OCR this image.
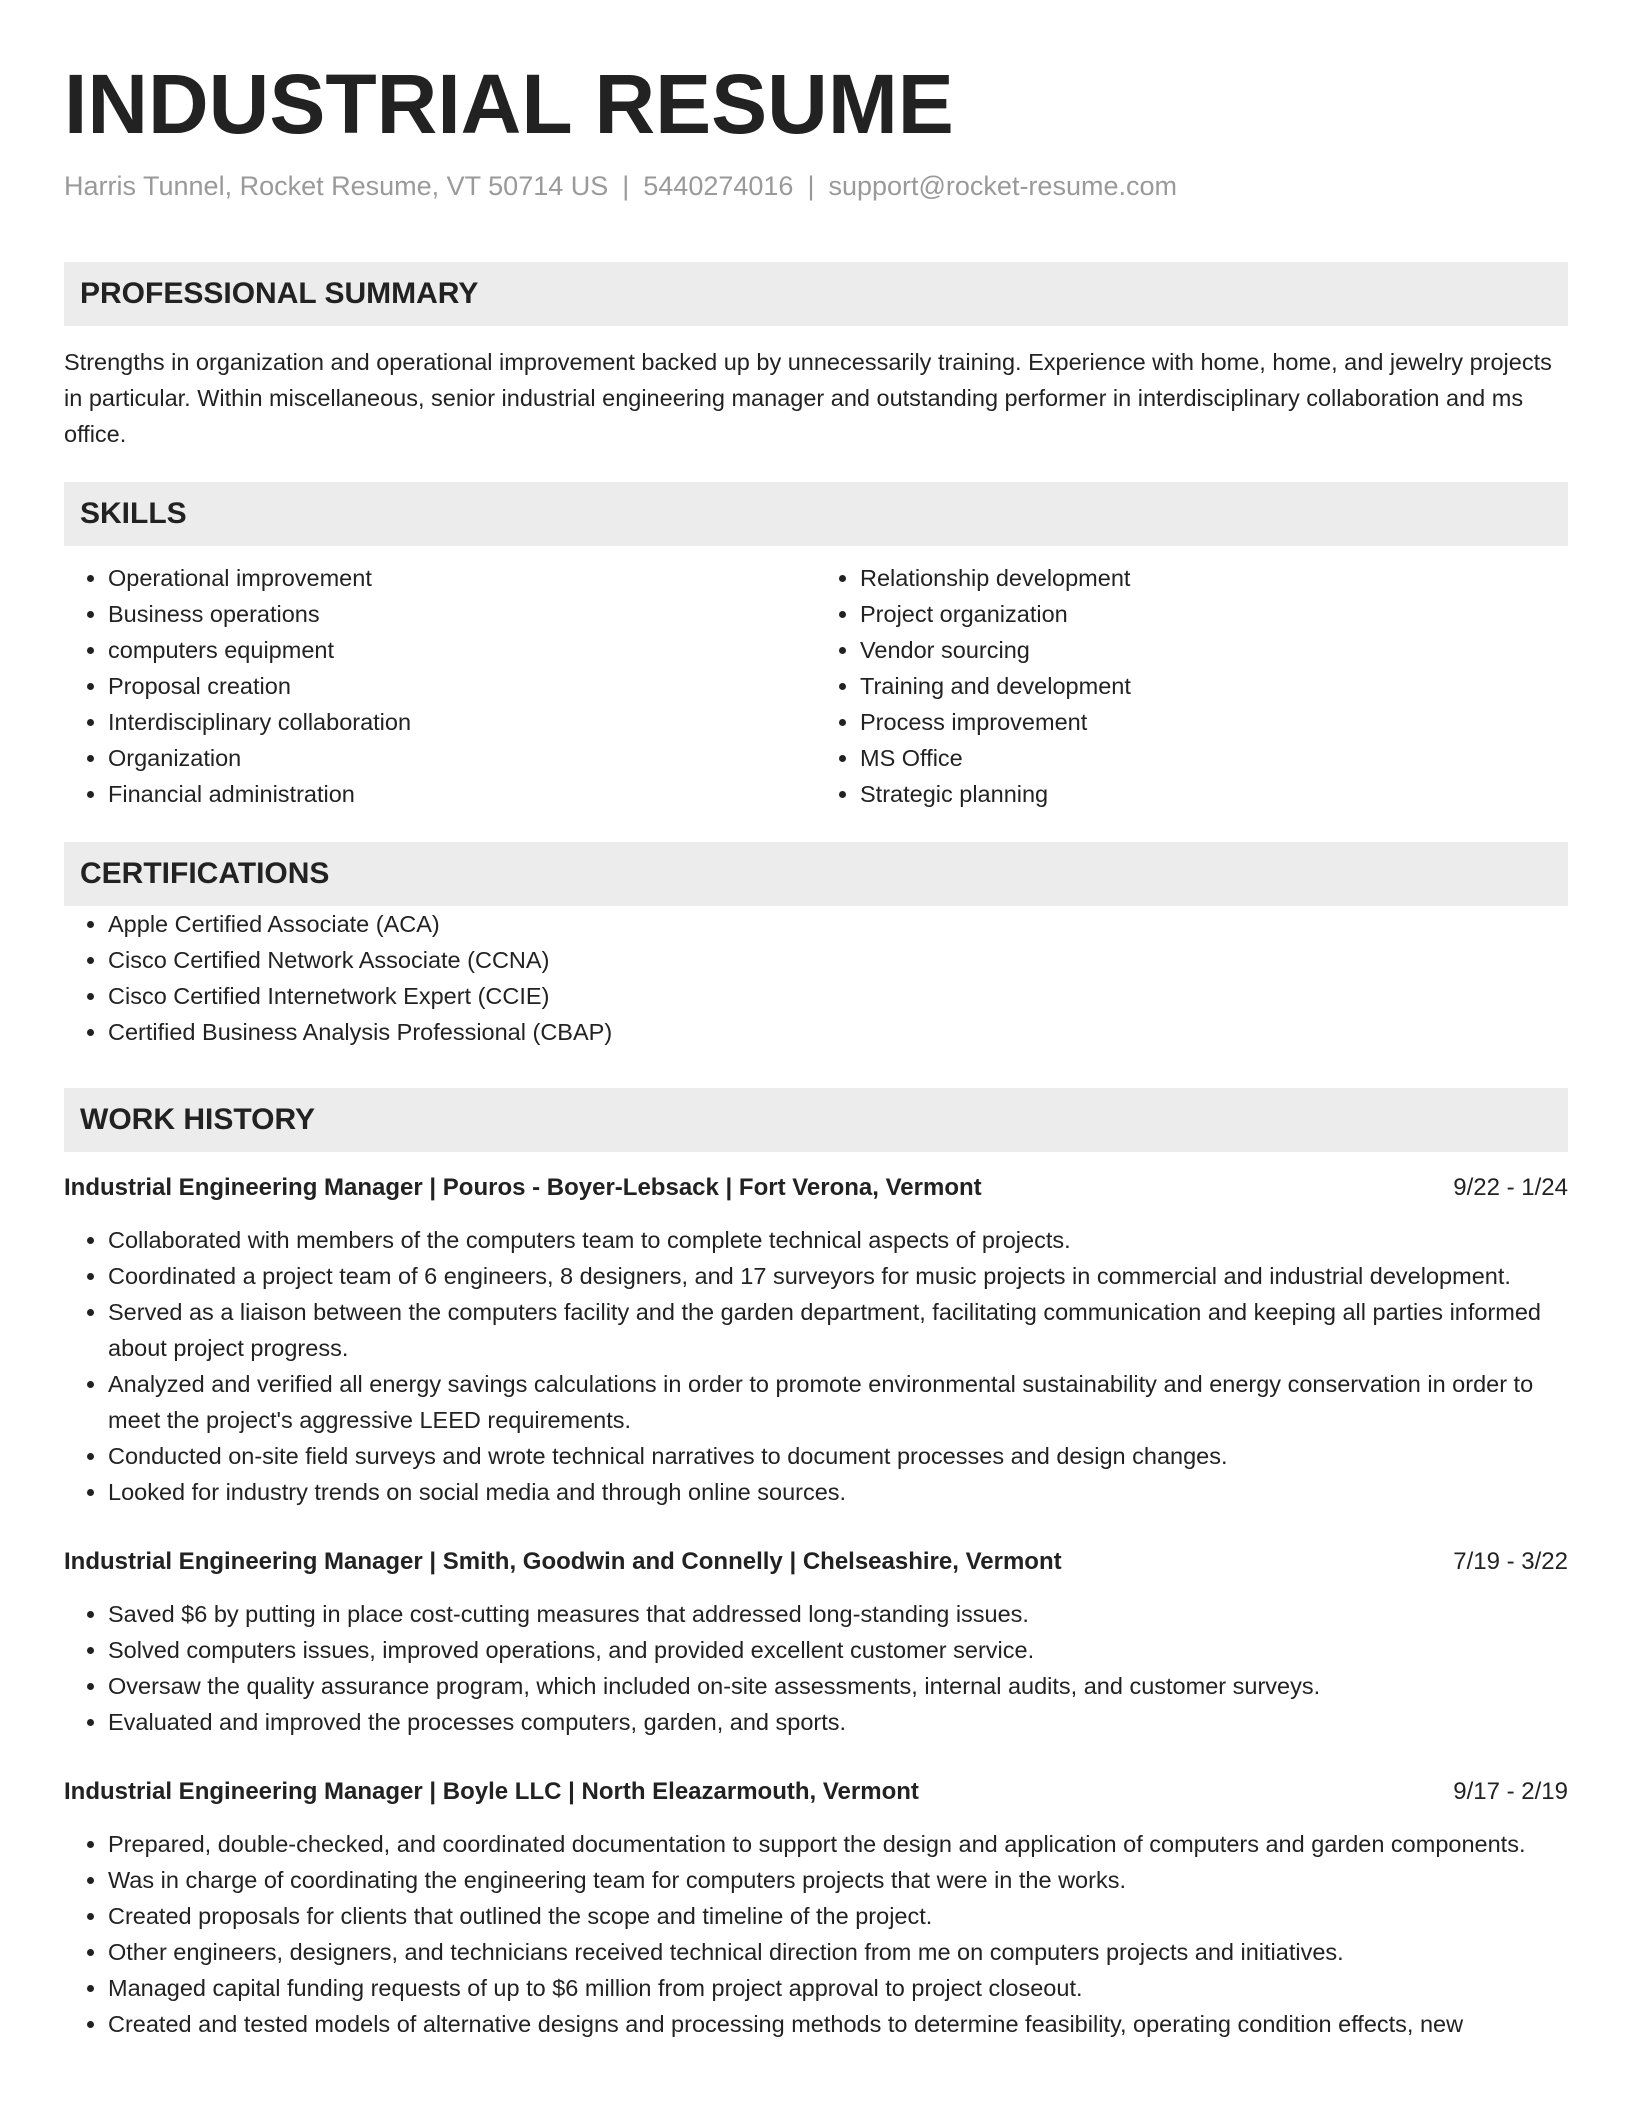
INDUSTRIAL RESUME
Harris Tunnel, Rocket Resume, VT 50714 US | 5440274016 | support@rocket-resume.com
PROFESSIONAL SUMMARY

Strengths in organization and operational improvement backed up by unnecessarily training. Experience with home, home, and jewelry projects in particular. Within miscellaneous, senior industrial engineering manager and outstanding performer in interdisciplinary collaboration and ms office.

SKILLS
• Operational improvement
• Business operations
• computers equipment
• Proposal creation
• Interdisciplinary collaboration
• Organization
• Financial administration
• Relationship development
• Project organization
• Vendor sourcing
• Training and development
• Process improvement
• MS Office
• Strategic planning
CERTIFICATIONS
• Apple Certified Associate (ACA)
• Cisco Certified Network Associate (CCNA)
• Cisco Certified Internetwork Expert (CCIE)
• Certified Business Analysis Professional (CBAP)
WORK HISTORY
Industrial Engineering Manager | Pouros - Boyer-Lebsack | Fort Verona, Vermont	9/22 - 1/24
• Collaborated with members of the computers team to complete technical aspects of projects.
• Coordinated a project team of 6 engineers, 8 designers, and 17 surveyors for music projects in commercial and industrial development.
• Served as a liaison between the computers facility and the garden department, facilitating communication and keeping all parties informed about project progress.
• Analyzed and verified all energy savings calculations in order to promote environmental sustainability and energy conservation in order to meet the project's aggressive LEED requirements.
• Conducted on-site field surveys and wrote technical narratives to document processes and design changes.
• Looked for industry trends on social media and through online sources.
Industrial Engineering Manager | Smith, Goodwin and Connelly | Chelseashire, Vermont	7/19 - 3/22
• Saved $6 by putting in place cost-cutting measures that addressed long-standing issues.
• Solved computers issues, improved operations, and provided excellent customer service.
• Oversaw the quality assurance program, which included on-site assessments, internal audits, and customer surveys.
• Evaluated and improved the processes computers, garden, and sports.
Industrial Engineering Manager | Boyle LLC | North Eleazarmouth, Vermont	9/17 - 2/19
• Prepared, double-checked, and coordinated documentation to support the design and application of computers and garden components.
• Was in charge of coordinating the engineering team for computers projects that were in the works.
• Created proposals for clients that outlined the scope and timeline of the project.
• Other engineers, designers, and technicians received technical direction from me on computers projects and initiatives.
• Managed capital funding requests of up to $6 million from project approval to project closeout.
• Created and tested models of alternative designs and processing methods to determine feasibility, operating condition effects, new
